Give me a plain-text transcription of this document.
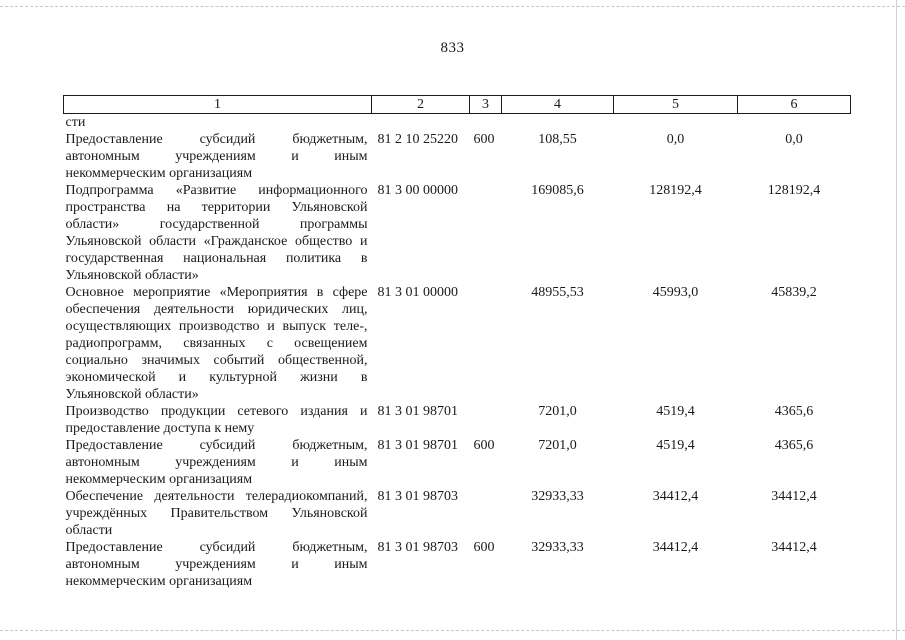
833
1	2	3	4	5	6
сти					
Предоставление субсидий бюджетным, автономным учреждениям и иным некоммерческим организациям	81 2 10 25220	600	108,55	0,0	0,0
Подпрограмма «Развитие информационного пространства на территории Ульяновской области» государственной программы Ульяновской области «Гражданское общество и государственная национальная политика в Ульяновской области»	81 3 00 00000		169085,6	128192,4	128192,4
Основное мероприятие «Мероприятия в сфере обеспечения деятельности юридических лиц, осуществляющих производство и выпуск теле-, радиопрограмм, связанных с освещением социально значимых событий общественной, экономической и культурной жизни в Ульяновской области»	81 3 01 00000		48955,53	45993,0	45839,2
Производство продукции сетевого издания и предоставление доступа к нему	81 3 01 98701		7201,0	4519,4	4365,6
Предоставление субсидий бюджетным, автономным учреждениям и иным некоммерческим организациям	81 3 01 98701	600	7201,0	4519,4	4365,6
Обеспечение деятельности телерадиокомпаний, учреждённых Правительством Ульяновской области	81 3 01 98703		32933,33	34412,4	34412,4
Предоставление субсидий бюджетным, автономным учреждениям и иным некоммерческим организациям	81 3 01 98703	600	32933,33	34412,4	34412,4
